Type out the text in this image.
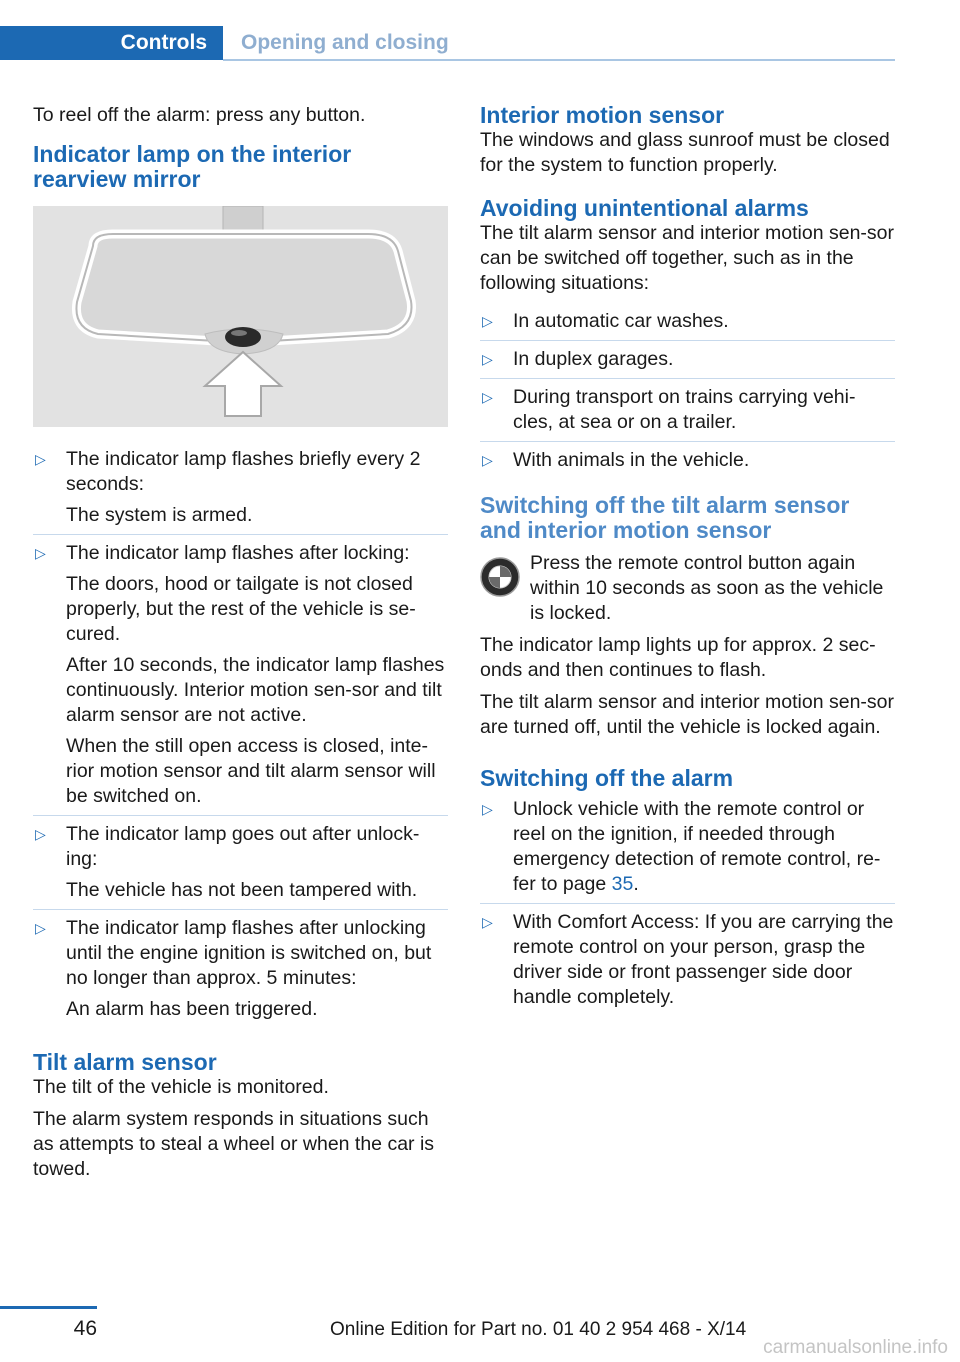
Controls	Opening and closing

To reel off the alarm: press any button.

Indicator lamp on the interior rearview mirror
▷ The indicator lamp flashes briefly every 2 seconds:

The system is armed.

▷ The indicator lamp flashes after locking:

The doors, hood or tailgate is not closed properly, but the rest of the vehicle is se-cured.

After 10 seconds, the indicator lamp flashes continuously. Interior motion sen-sor and tilt alarm sensor are not active.

When the still open access is closed, inte-rior motion sensor and tilt alarm sensor will be switched on.

▷ The indicator lamp goes out after unlock-ing:

The vehicle has not been tampered with.

▷ The indicator lamp flashes after unlocking until the engine ignition is switched on, but no longer than approx. 5 minutes:

An alarm has been triggered.

Tilt alarm sensor

The tilt of the vehicle is monitored.

The alarm system responds in situations such as attempts to steal a wheel or when the car is towed.

Interior motion sensor

The windows and glass sunroof must be closed for the system to function properly.

Avoiding unintentional alarms

The tilt alarm sensor and interior motion sen-sor can be switched off together, such as in the following situations:

▷ In automatic car washes.

▷ In duplex garages.

▷ During transport on trains carrying vehi-cles, at sea or on a trailer.

▷ With animals in the vehicle.

Switching off the tilt alarm sensor and interior motion sensor

Press the remote control button again within 10 seconds as soon as the vehicle is locked.

The indicator lamp lights up for approx. 2 sec-onds and then continues to flash.

The tilt alarm sensor and interior motion sen-sor are turned off, until the vehicle is locked again.

Switching off the alarm
▷ Unlock vehicle with the remote control or reel on the ignition, if needed through emergency detection of remote control, re-fer to page 35.

▷ With Comfort Access: If you are carrying the remote control on your person, grasp the driver side or front passenger side door handle completely.

46	Online Edition for Part no. 01 40 2 954 468 - X/14
carmanualsonline.info
